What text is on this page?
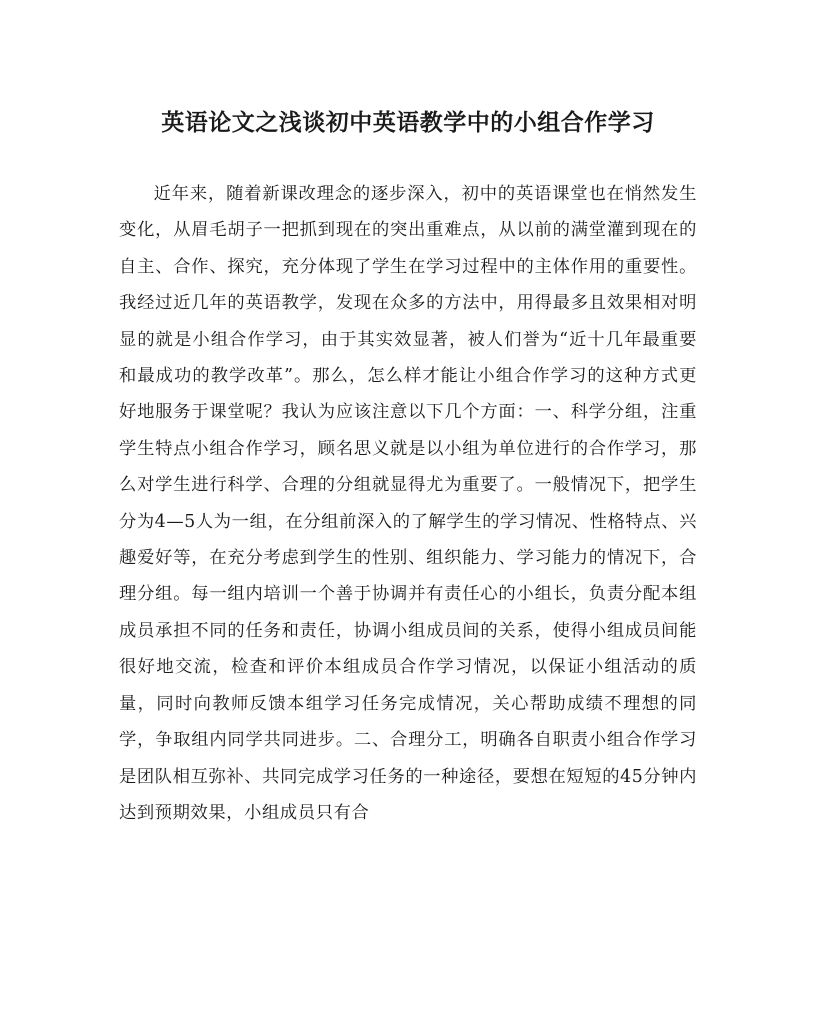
英语论文之浅谈初中英语教学中的小组合作学习

近年来，随着新课改理念的逐步深入，初中的英语课堂也在悄然发生变化，从眉毛胡子一把抓到现在的突出重难点，从以前的满堂灌到现在的自主、合作、探究，充分体现了学生在学习过程中的主体作用的重要性。我经过近几年的英语教学，发现在众多的方法中，用得最多且效果相对明显的就是小组合作学习，由于其实效显著，被人们誉为“近十几年最重要和最成功的教学改革”。那么，怎么样才能让小组合作学习的这种方式更好地服务于课堂呢？我认为应该注意以下几个方面：一、科学分组，注重学生特点小组合作学习，顾名思义就是以小组为单位进行的合作学习，那么对学生进行科学、合理的分组就显得尤为重要了。一般情况下，把学生分为4—5人为一组，在分组前深入的了解学生的学习情况、性格特点、兴趣爱好等，在充分考虑到学生的性别、组织能力、学习能力的情况下，合理分组。每一组内培训一个善于协调并有责任心的小组长，负责分配本组成员承担不同的任务和责任，协调小组成员间的关系，使得小组成员间能很好地交流，检查和评价本组成员合作学习情况，以保证小组活动的质量，同时向教师反馈本组学习任务完成情况，关心帮助成绩不理想的同学，争取组内同学共同进步。二、合理分工，明确各自职责小组合作学习是团队相互弥补、共同完成学习任务的一种途径，要想在短短的45分钟内达到预期效果，小组成员只有合
